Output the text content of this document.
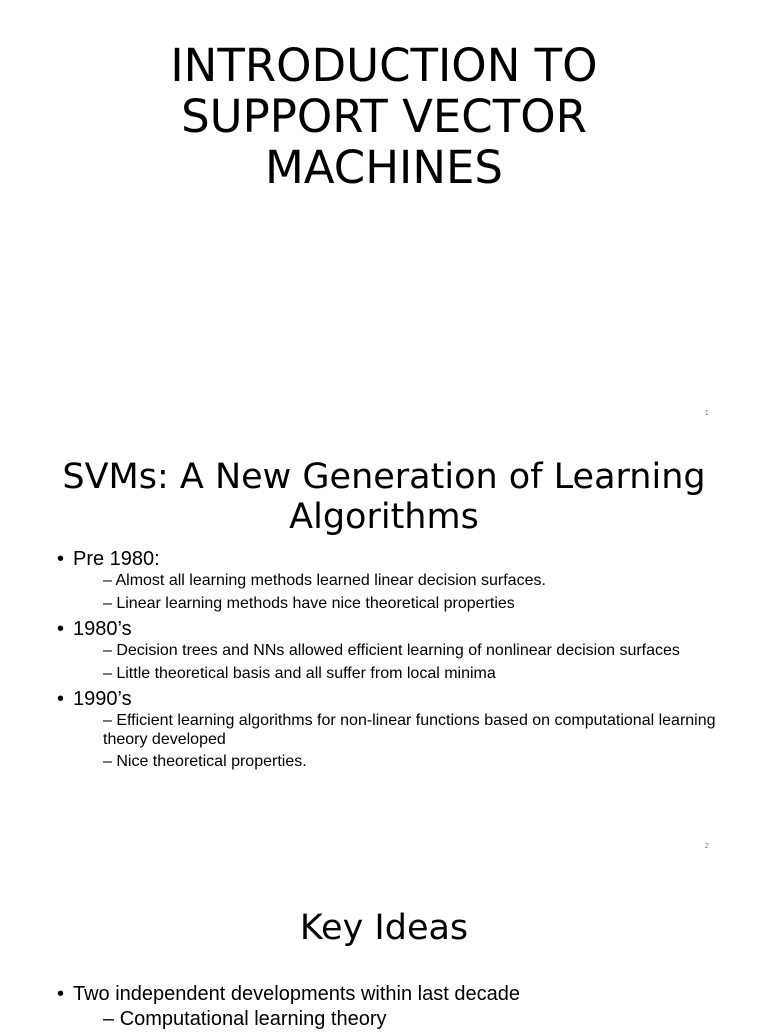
INTRODUCTION TO
SUPPORT VECTOR
MACHINES
1
SVMs: A New Generation of Learning
Algorithms
• Pre 1980:
– Almost all learning methods learned linear decision surfaces.
– Linear learning methods have nice theoretical properties
• 1980’s
– Decision trees and NNs allowed efficient learning of nonlinear decision surfaces
– Little theoretical basis and all suffer from local minima
• 1990’s
– Efficient learning algorithms for non-linear functions based on computational learning theory developed
– Nice theoretical properties.
2
Key Ideas
• Two independent developments within last decade
– Computational learning theory
